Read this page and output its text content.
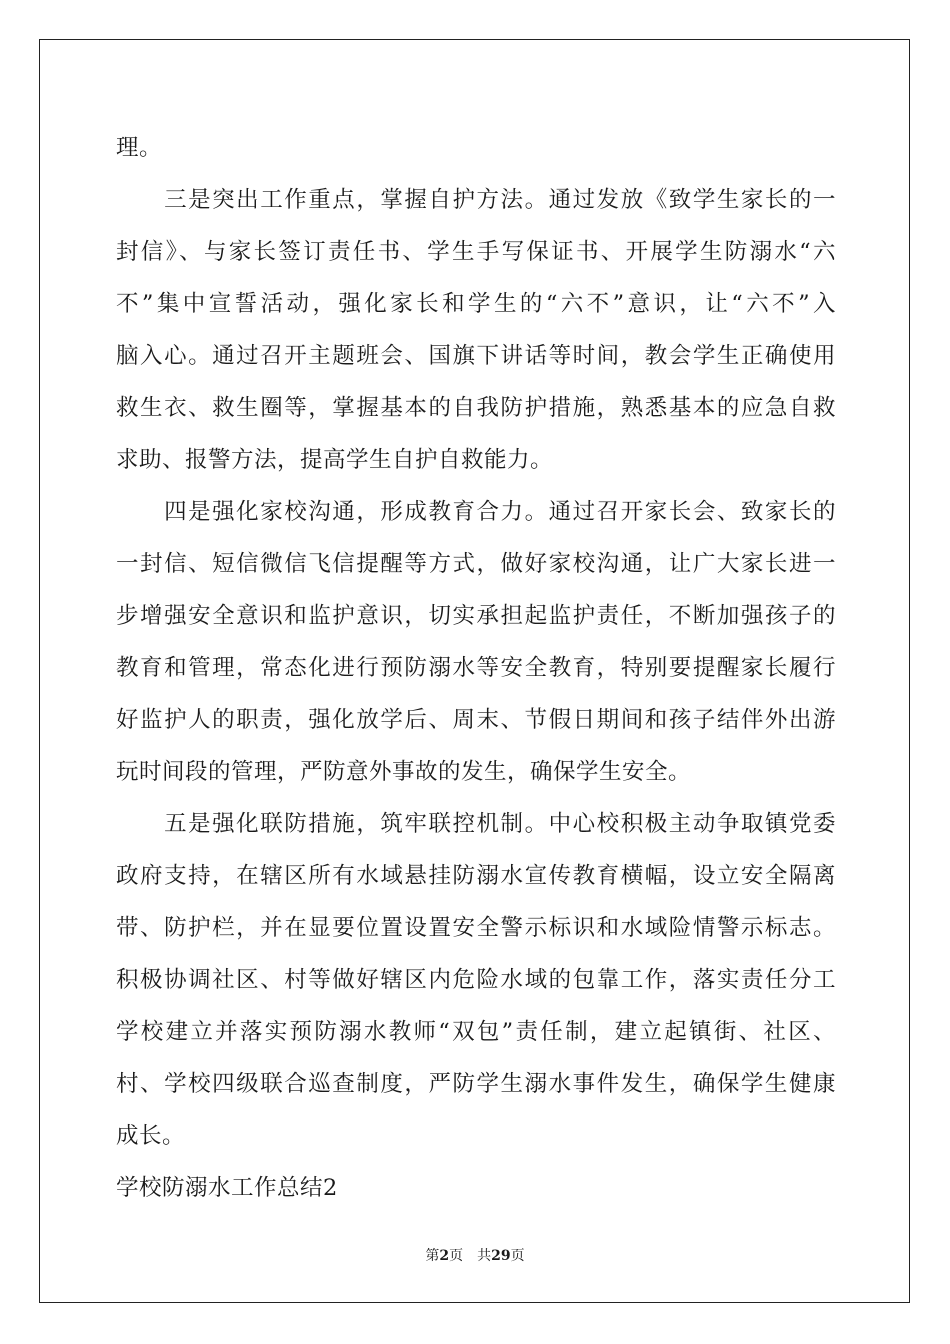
理。
　　三是突出工作重点，掌握自护方法。通过发放《致学生家长的一
封信》、与家长签订责任书、学生手写保证书、开展学生防溺水“六
不”集中宣誓活动，强化家长和学生的“六不”意识，让“六不”入
脑入心。通过召开主题班会、国旗下讲话等时间，教会学生正确使用
救生衣、救生圈等，掌握基本的自我防护措施，熟悉基本的应急自救
求助、报警方法，提高学生自护自救能力。
　　四是强化家校沟通，形成教育合力。通过召开家长会、致家长的
一封信、短信微信飞信提醒等方式，做好家校沟通，让广大家长进一
步增强安全意识和监护意识，切实承担起监护责任，不断加强孩子的
教育和管理，常态化进行预防溺水等安全教育，特别要提醒家长履行
好监护人的职责，强化放学后、周末、节假日期间和孩子结伴外出游
玩时间段的管理，严防意外事故的发生，确保学生安全。
　　五是强化联防措施，筑牢联控机制。中心校积极主动争取镇党委
政府支持，在辖区所有水域悬挂防溺水宣传教育横幅，设立安全隔离
带、防护栏，并在显要位置设置安全警示标识和水域险情警示标志。
积极协调社区、村等做好辖区内危险水域的包靠工作，落实责任分工
学校建立并落实预防溺水教师“双包”责任制，建立起镇街、社区、
村、学校四级联合巡查制度，严防学生溺水事件发生，确保学生健康
成长。
学校防溺水工作总结2
第2页 共29页
